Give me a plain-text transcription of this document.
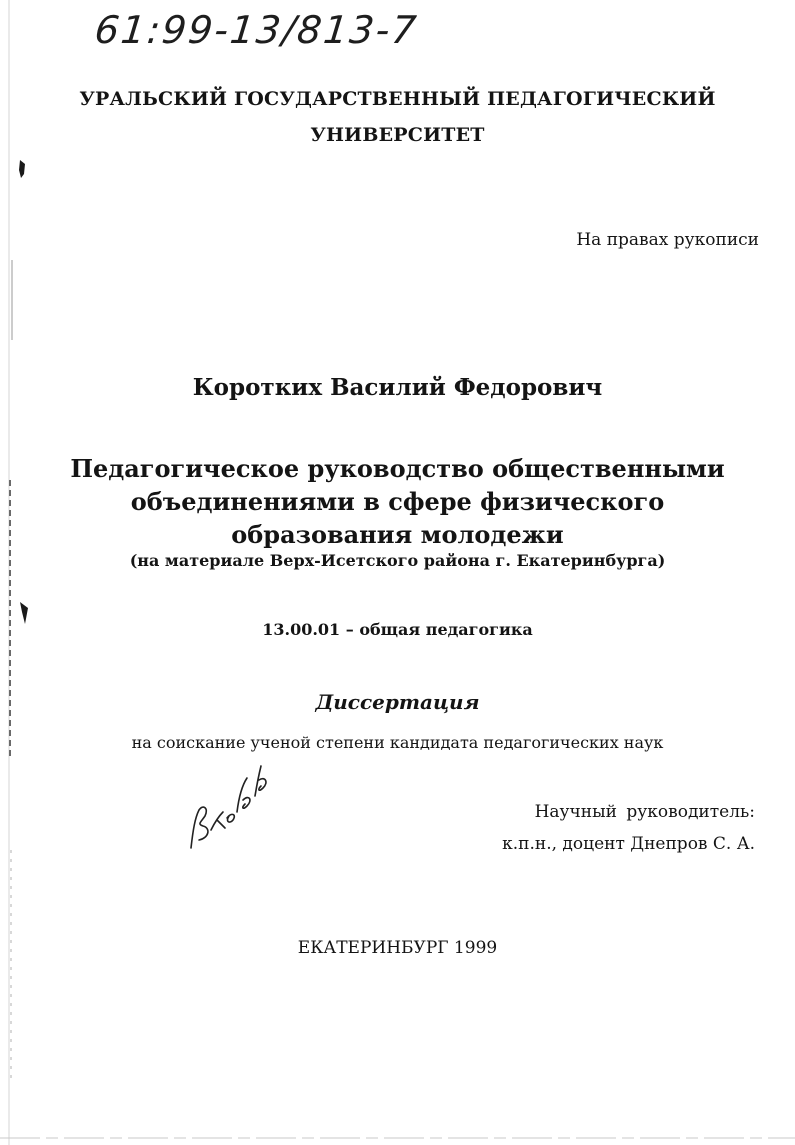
61:99-13/813-7
УРАЛЬСКИЙ ГОСУДАРСТВЕННЫЙ ПЕДАГОГИЧЕСКИЙ
УНИВЕРСИТЕТ
На правах рукописи
Коротких Василий Федорович
Педагогическое руководство общественными
объединениями в сфере физического
образования молодежи
(на материале Верх-Исетского района г. Екатеринбурга)
13.00.01 – общая педагогика
Диссертация
на соискание ученой степени кандидата педагогических наук
Научный руководитель:
к.п.н., доцент Днепров С. А.
ЕКАТЕРИНБУРГ 1999
